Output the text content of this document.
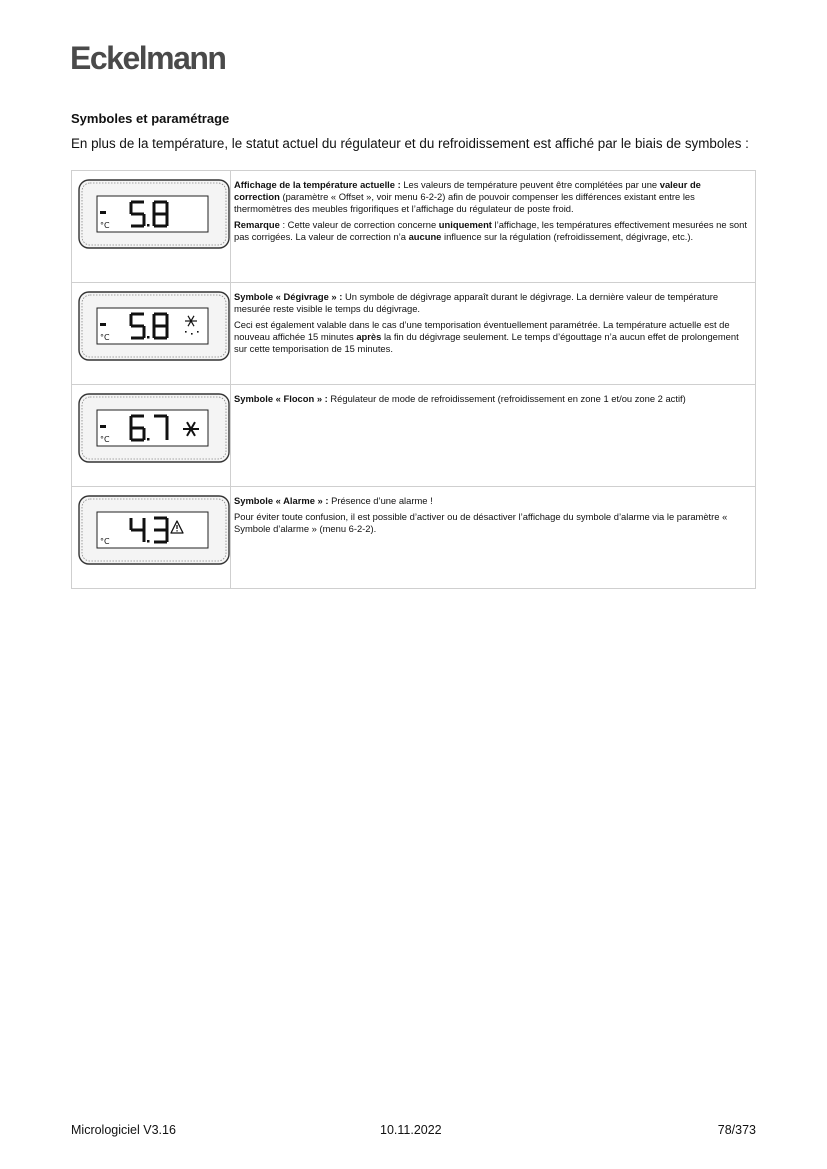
Eckelmann
Symboles et paramétrage
En plus de la température, le statut actuel du régulateur et du refroidissement est affiché par le biais de symboles :
°C	Affichage de la température actuelle : Les valeurs de température peuvent être complétées par une valeur de correction (paramètre « Offset », voir menu 6-2-2) afin de pouvoir compenser les différences existant entre les thermomètres des meubles frigorifiques et l’affichage du régulateur de poste froid.

Remarque : Cette valeur de correction concerne uniquement l’affichage, les températures effectivement mesurées ne sont pas corrigées. La valeur de correction n’a aucune influence sur la régulation (refroidissement, dégivrage, etc.).

°C	Symbole « Dégivrage » : Un symbole de dégivrage apparaît durant le dégivrage. La dernière valeur de température mesurée reste visible le temps du dégivrage.

Ceci est également valable dans le cas d’une temporisation éventuellement paramétrée. La température actuelle est de nouveau affichée 15 minutes après la fin du dégivrage seulement. Le temps d’égouttage n’a aucun effet de prolongement sur cette temporisation de 15 minutes.

°C	Symbole « Flocon » : Régulateur de mode de refroidissement (refroidissement en zone 1 et/ou zone 2 actif)

°C	Symbole « Alarme » : Présence d’une alarme !

Pour éviter toute confusion, il est possible d’activer ou de désactiver l’affichage du symbole d’alarme via le paramètre « Symbole d’alarme » (menu 6-2-2).

Micrologiciel V3.16	10.11.2022	78/373
